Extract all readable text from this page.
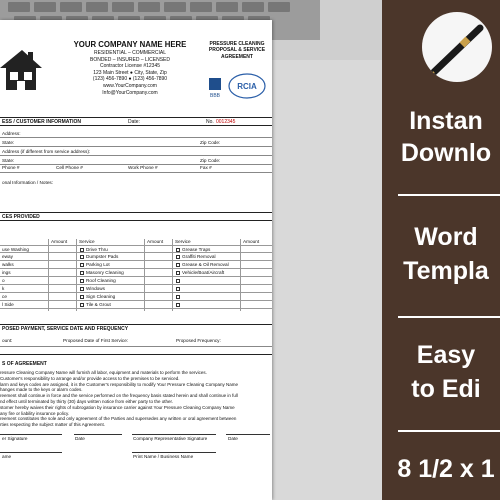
Instan
Downlo
Word
Templa
Easy
to Edi
8 1/2 x 1
YOUR COMPANY NAME HERE
RESIDENTIAL – COMMERCIAL
BONDED – INSURED – LICENSED
Contractor License #12345
123 Main Street ● City, State, Zip
(123) 456-7890 ● (123) 456-7890
www.YourCompany.com
Info@YourCompany.com
PRESSURE CLEANING
PROPOSAL & SERVICE
AGREEMENT
BBB
RCIA
ESS / CUSTOMER INFORMATION	Date:	No. 0012345
Address:
State:	Zip Code:
Address (if different from service address):
State:	Zip Code:
Phone #	Cell Phone #	Work Phone #	Fax #
onal Information / Notes:
CES PROVIDED
Amount	Service	Amount	Service	Amount
use Washing	Drive Thru	Grease Traps
eway	Dumpster Pads	Graffiti Removal
walks	Parking Lot	Grease & Oil Removal
ings	Masonry Cleaning	Vehicle/Boat/Aircraft
o	Roof Cleaning
k	Windows
ce	Sign Cleaning
l Side	Tile & Grout
POSED PAYMENT, SERVICE DATE AND FREQUENCY
ount:	Proposed Date of First Service:	Proposed Frequency:
S OF AGREEMENT
ressure Cleaning Company Name will furnish all labor, equipment and materials to perform the services.
Customer's responsibility to arrange and/or provide access to the premises to be serviced.
larm and keys codes are assigned, it is the Customer's responsibility to modify Your Pressure Cleaning Company Name
hanges made to the keys or alarm codes.
reement shall continue in force and the service performed on the frequency basis stated herein and shall continue in full
nd effect until terminated by thirty (30) days written notice from either party to the other.
stomer hereby waives their rights of subrogation by insurance carrier against Your Pressure Cleaning Company Name
any fire or liability insurance policy.
reement constitutes the sole and only agreement of the Parties and supersedes any written or oral agreement between
rties respecting the subject matter of this Agreement.
er Signature	Date	Company Representative Signature	Date
ame	Print Name / Business Name
